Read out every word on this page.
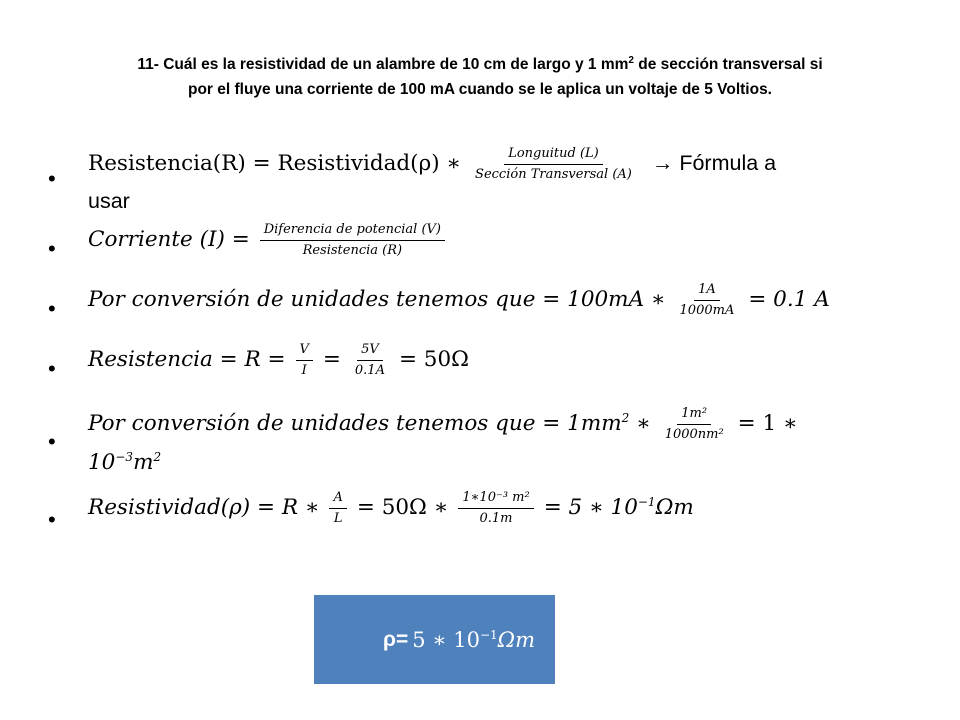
11- Cuál es la resistividad de un alambre de 10 cm de largo y 1 $mm^2$ de sección transversal si
por el fluye una corriente de 100 mA cuando se le aplica un voltaje de 5 Voltios.
• Resistencia(R) = Resistividad(ρ) ∗ $\frac{\text{Longuitud (L)}}{\text{Sección Transversal (A)}}$ → Fórmula a
usar
• Corriente $(I) = \frac{\text{Diferencia de potencial (V)}}{\text{Resistencia (R)}}$
• Por conversión de unidades tenemos que = 100mA ∗ $\frac{1A}{1000mA} = 0.1$ A
• Resistencia = $R = \frac{V}{I} = \frac{5V}{0.1A} = 50\Omega$
• Por conversión de unidades tenemos que = $1mm^2$ ∗ $\frac{\text{1m²}}{\text{1000nm²}} = 1$ ∗
$10^{-3}m^2$
• Resistividad(ρ) = R ∗ $\frac{A}{L} = 50\Omega$ ∗ $\frac{\text{1∗10⁻³ m²}}{0.1m} = 5$ ∗ $10^{-1}\Omega m$
ρ= 5 ∗ $10^{-1}\Omega m$
